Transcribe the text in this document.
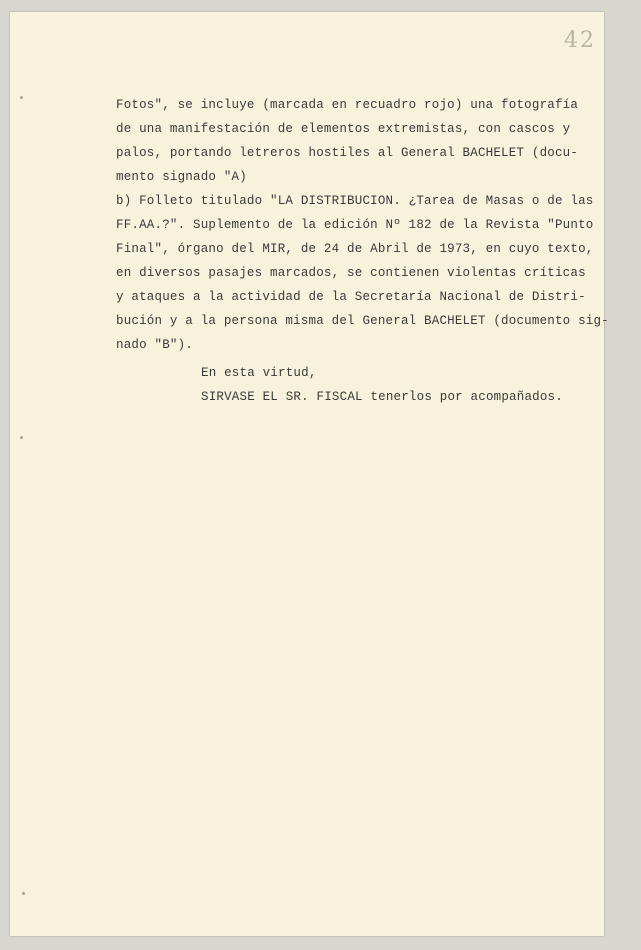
42
Fotos", se incluye (marcada en recuadro rojo) una fotografía
de una manifestación de elementos extremistas, con cascos y
palos, portando letreros hostiles al General BACHELET (docu-
mento signado "A)
b) Folleto titulado "LA DISTRIBUCION. ¿Tarea de Masas o de las
FF.AA.?". Suplemento de la edición Nº 182 de la Revista "Punto
Final", órgano del MIR, de 24 de Abril de 1973, en cuyo texto,
en diversos pasajes marcados, se contienen violentas críticas
y ataques a la actividad de la Secretaría Nacional de Distri-
bución y a la persona misma del General BACHELET (documento sig-
nado "B").
En esta virtud,
SIRVASE EL SR. FISCAL tenerlos por acompañados.
